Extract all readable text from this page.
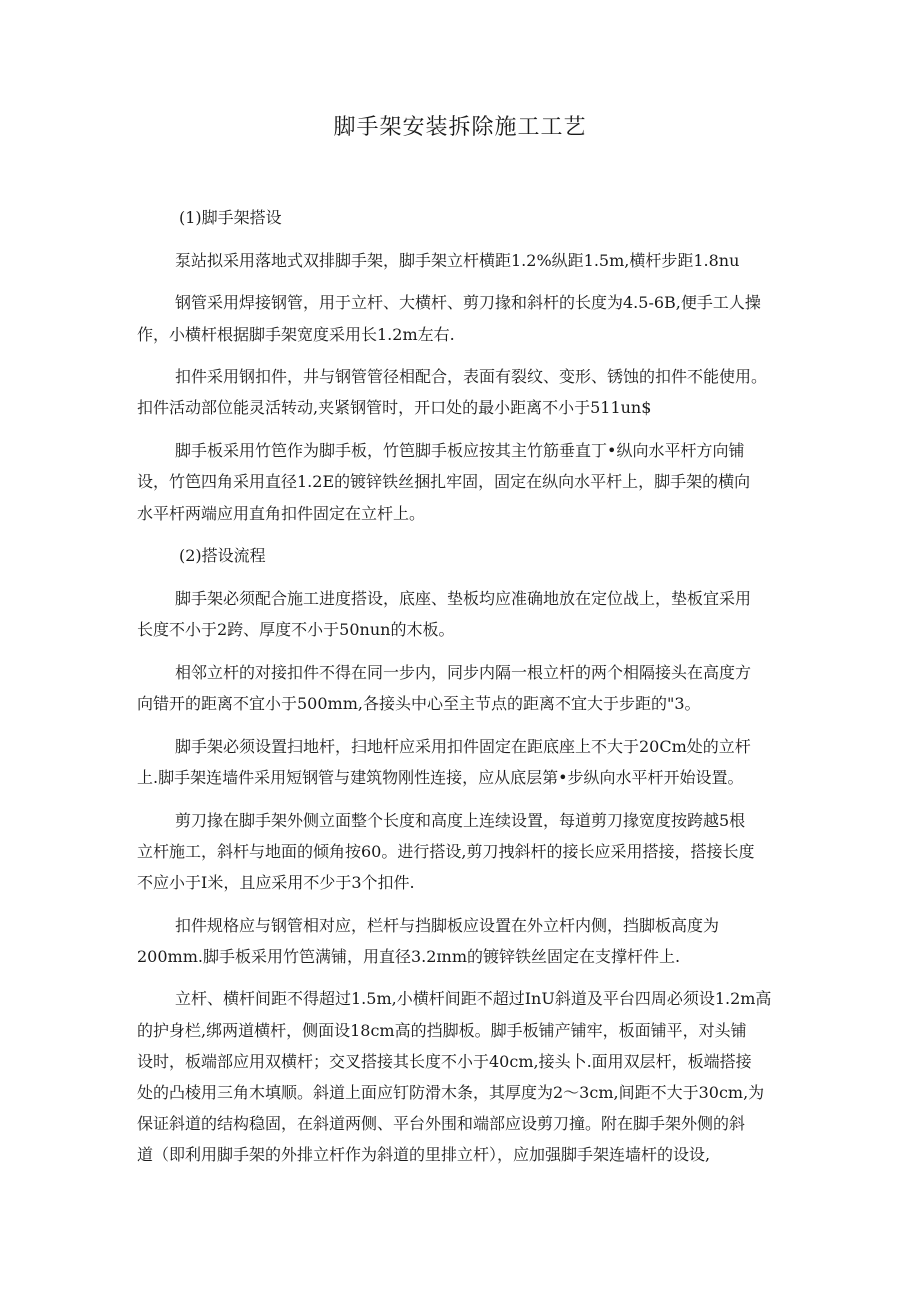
脚手架安装拆除施工工艺
(1)脚手架搭设
泵站拟采用落地式双排脚手架，脚手架立杆横距1.2%纵距1.5m,横杆步距1.8nu
钢管采用焊接钢管，用于立杆、大横杆、剪刀掾和斜杆的长度为4.5-6B,便手工人操
作，小横杆根据脚手架宽度采用长1.2m左右.
扣件采用钢扣件，井与钢管管径相配合，表面有裂纹、变形、锈蚀的扣件不能使用。
扣件活动部位能灵活转动,夹紧钢管时，开口处的最小距离不小于511un$
脚手板采用竹笆作为脚手板，竹笆脚手板应按其主竹筋垂直丁•纵向水平杆方向铺
设，竹笆四角采用直径1.2E的镀锌铁丝捆扎牢固，固定在纵向水平杆上，脚手架的横向
水平杆两端应用直角扣件固定在立杆上。
(2)搭设流程
脚手架必须配合施工进度搭设，底座、垫板均应准确地放在定位战上，垫板宜采用
长度不小于2跨、厚度不小于50nun的木板。
相邻立杆的对接扣件不得在同一步内，同步内隔一根立杆的两个相隔接头在高度方
向错开的距离不宜小于500mm,各接头中心至主节点的距离不宜大于步距的"3。
脚手架必须设置扫地杆，扫地杆应采用扣件固定在距底座上不大于20Cm处的立杆
上.脚手架连墙件采用短钢管与建筑物刚性连接，应从底层第•步纵向水平杆开始设置。
剪刀掾在脚手架外侧立面整个长度和高度上连续设置，每道剪刀掾宽度按跨越5根
立杆施工，斜杆与地面的倾角按60。进行搭设,剪刀拽斜杆的接长应采用搭接，搭接长度
不应小于I米，且应采用不少于3个扣件.
扣件规格应与钢管相对应，栏杆与挡脚板应设置在外立杆内侧，挡脚板高度为
200mm.脚手板采用竹笆满铺，用直径3.2ɪnm的镀锌铁丝固定在支撑杆件上.
立杆、横杆间距不得超过1.5m,小横杆间距不超过InU斜道及平台四周必须设1.2m高
的护身栏,绑两道横杆，侧面设18cm高的挡脚板。脚手板铺产铺牢，板面铺平，对头铺
设时，板端部应用双横杆；交叉搭接其长度不小于40cm,接头卜.面用双层杆，板端搭接
处的凸棱用三角木填顺。斜道上面应钉防滑木条，其厚度为2～3cm,间距不大于30cm,为
保证斜道的结构稳固，在斜道两侧、平台外围和端部应设剪刀撞。附在脚手架外侧的斜
道（即利用脚手架的外排立杆作为斜道的里排立杆），应加强脚手架连墙杆的设设,
